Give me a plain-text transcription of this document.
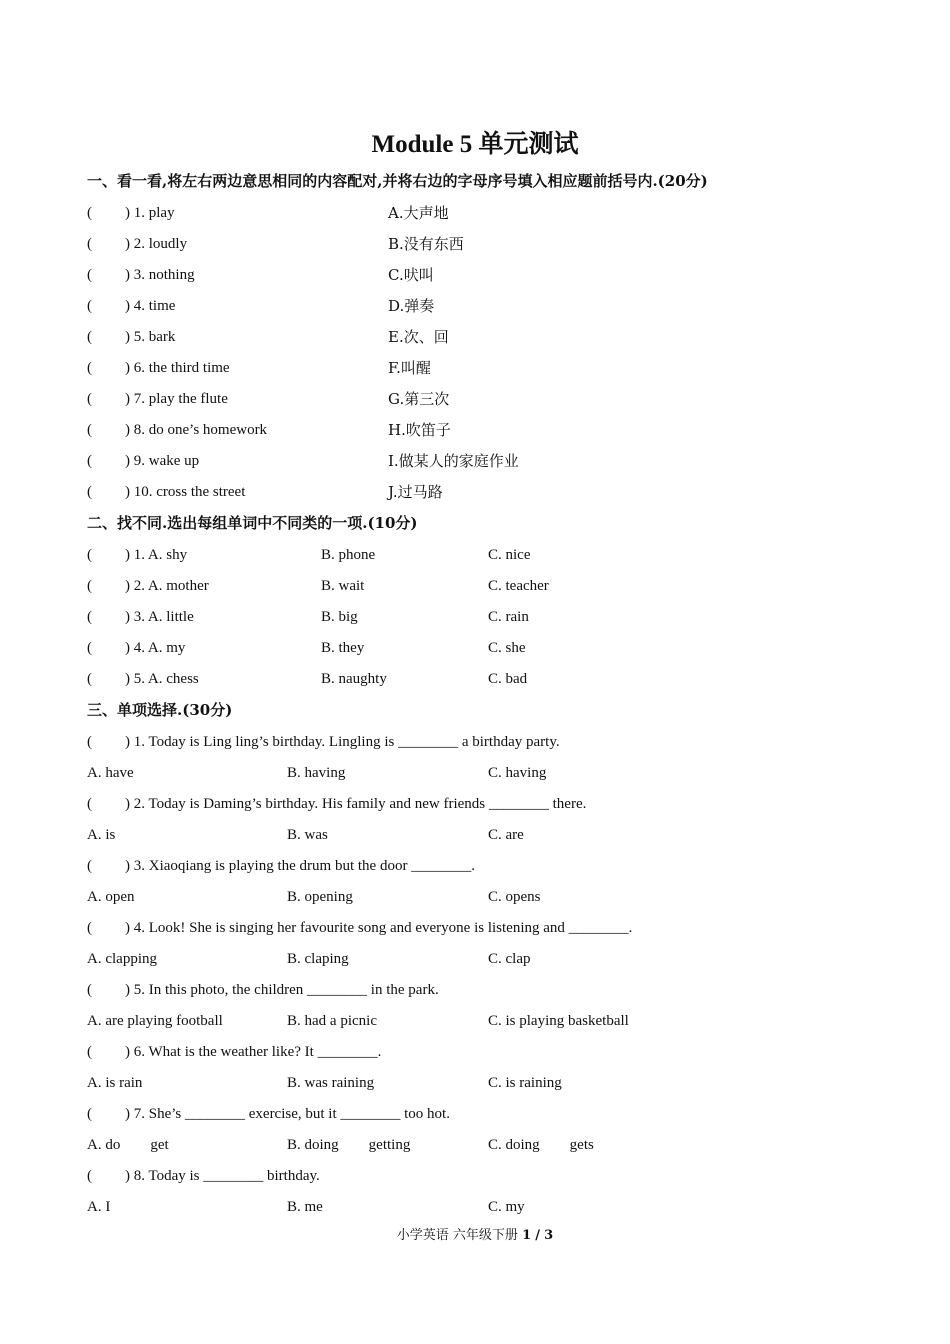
Module 5 单元测试
一、看一看,将左右两边意思相同的内容配对,并将右边的字母序号填入相应题前括号内.(20分)
( ) 1. play	A.大声地
( ) 2. loudly	B.没有东西
( ) 3. nothing	C.吠叫
( ) 4. time	D.弹奏
( ) 5. bark	E.次、回
( ) 6. the third time	F.叫醒
( ) 7. play the flute	G.第三次
( ) 8. do one’s homework	H.吹笛子
( ) 9. wake up	I.做某人的家庭作业
( ) 10. cross the street	J.过马路
二、找不同.选出每组单词中不同类的一项.(10分)
( ) 1. A. shy	B. phone	C. nice
( ) 2. A. mother	B. wait	C. teacher
( ) 3. A. little	B. big	C. rain
( ) 4. A. my	B. they	C. she
( ) 5. A. chess	B. naughty	C. bad
三、单项选择.(30分)
( ) 1. Today is Ling ling’s birthday. Lingling is ________ a birthday party.
A. have	B. having	C. having
( ) 2. Today is Daming’s birthday. His family and new friends ________ there.
A. is	B. was	C. are
( ) 3. Xiaoqiang is playing the drum but the door ________.
A. open	B. opening	C. opens
( ) 4. Look! She is singing her favourite song and everyone is listening and ________.
A. clapping	B. claping	C. clap
( ) 5. In this photo, the children ________ in the park.
A. are playing football	B. had a picnic	C. is playing basketball
( ) 6. What is the weather like? It ________.
A. is rain	B. was raining	C. is raining
( ) 7. She’s ________ exercise, but it ________ too hot.
A. do        get	B. doing        getting	C. doing        gets
( ) 8. Today is ________ birthday.
A. I	B. me	C. my
小学英语 六年级下册 1 / 3
